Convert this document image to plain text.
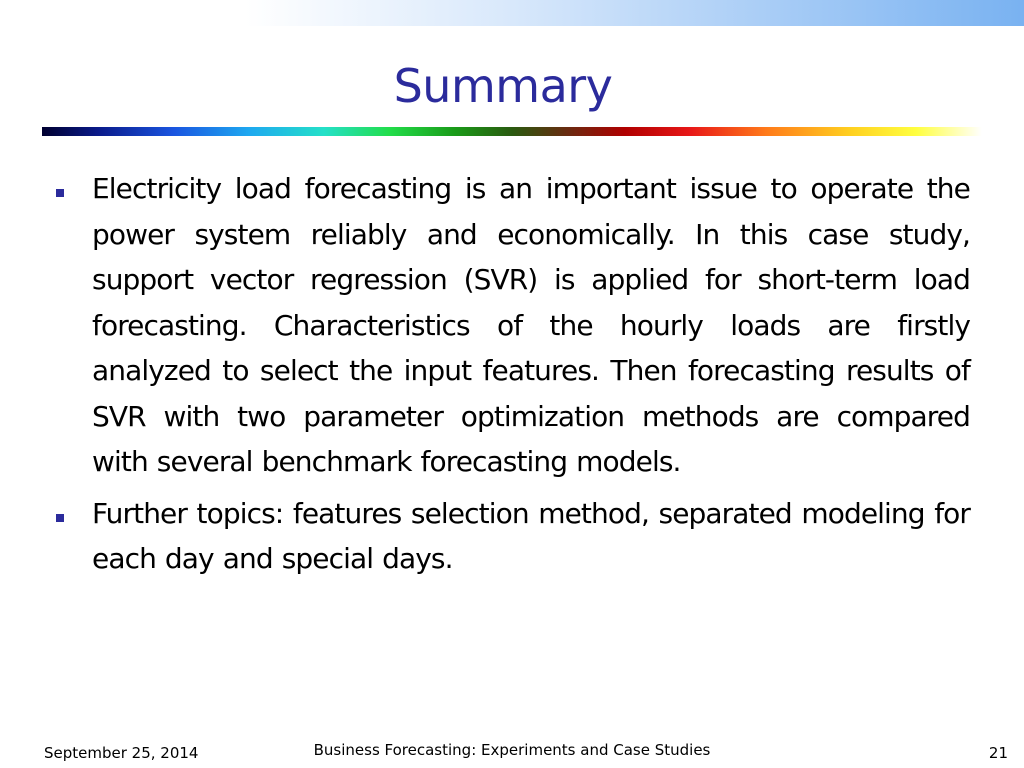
Summary
Electricity load forecasting is an important issue to operate the power system reliably and economically. In this case study, support vector regression (SVR) is applied for short-term load forecasting. Characteristics of the hourly loads are firstly analyzed to select the input features. Then forecasting results of SVR with two parameter optimization methods are compared with several benchmark forecasting models.
Further topics: features selection method, separated modeling for each day and special days.
September 25, 2014	Business Forecasting: Experiments and Case Studies	21
